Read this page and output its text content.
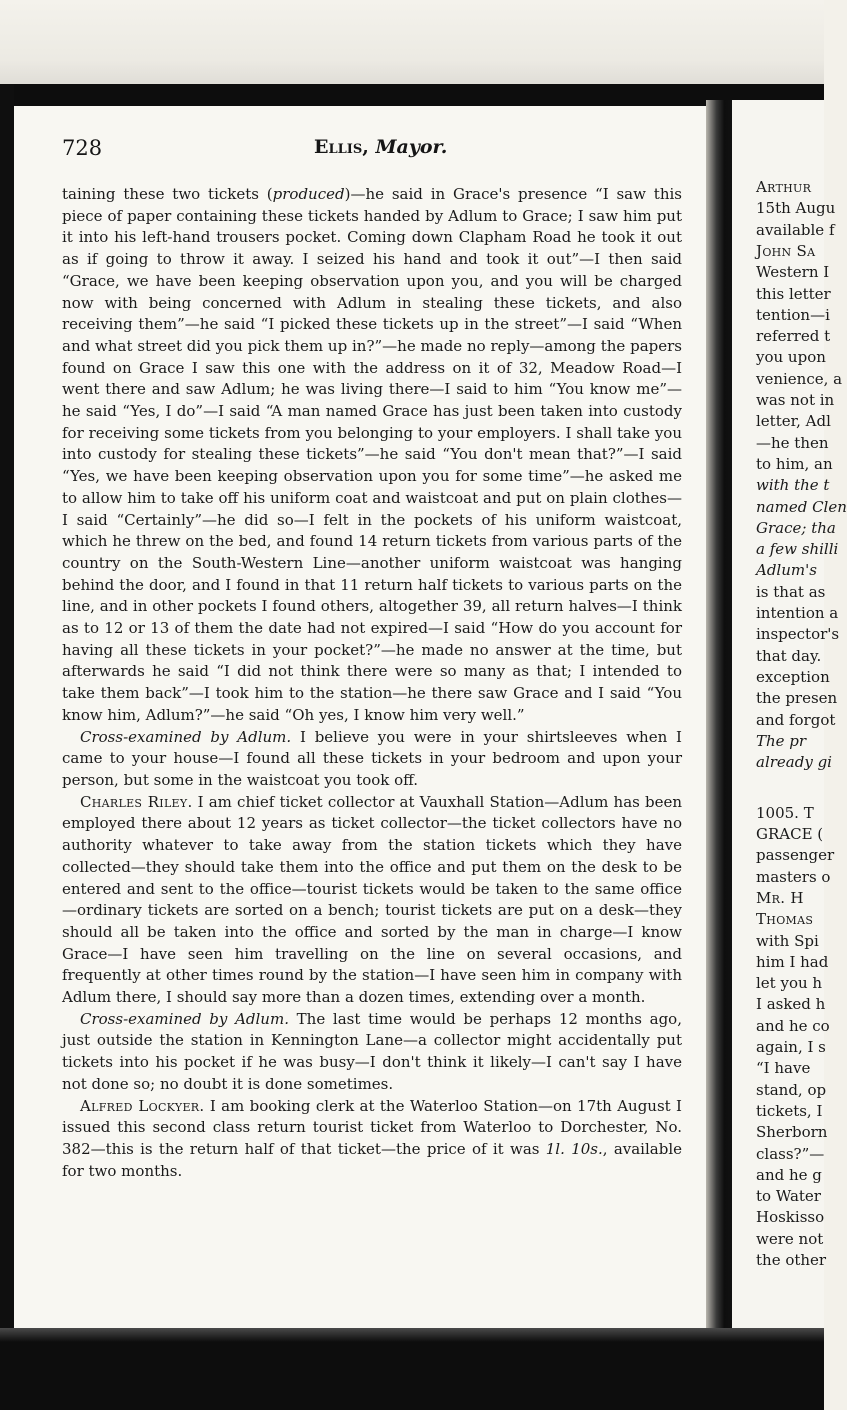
728	Ellis, Mayor.

taining these two tickets (produced)—he said in Grace's presence “I saw this piece of paper containing these tickets handed by Adlum to Grace; I saw him put it into his left-hand trousers pocket. Coming down Clapham Road he took it out as if going to throw it away. I seized his hand and took it out”—I then said “Grace, we have been keeping observation upon you, and you will be charged now with being concerned with Adlum in stealing these tickets, and also receiving them”—he said “I picked these tickets up in the street”—I said “When and what street did you pick them up in?”—he made no reply—among the papers found on Grace I saw this one with the address on it of 32, Meadow Road—I went there and saw Adlum; he was living there—I said to him “You know me”—he said “Yes, I do”—I said “A man named Grace has just been taken into custody for receiving some tickets from you belonging to your employers. I shall take you into custody for stealing these tickets”—he said “You don't mean that?”—I said “Yes, we have been keeping observation upon you for some time”—he asked me to allow him to take off his uniform coat and waistcoat and put on plain clothes—I said “Certainly”—he did so—I felt in the pockets of his uniform waistcoat, which he threw on the bed, and found 14 return tickets from various parts of the country on the South-Western Line—another uniform waistcoat was hanging behind the door, and I found in that 11 return half tickets to various parts on the line, and in other pockets I found others, altogether 39, all return halves—I think as to 12 or 13 of them the date had not expired—I said “How do you account for having all these tickets in your pocket?”—he made no answer at the time, but afterwards he said “I did not think there were so many as that; I intended to take them back”—I took him to the station—he there saw Grace and I said “You know him, Adlum?”—he said “Oh yes, I know him very well.”

Cross-examined by Adlum. I believe you were in your shirtsleeves when I came to your house—I found all these tickets in your bedroom and upon your person, but some in the waistcoat you took off.

Charles Riley. I am chief ticket collector at Vauxhall Station—Adlum has been employed there about 12 years as ticket collector—the ticket collectors have no authority whatever to take away from the station tickets which they have collected—they should take them into the office and put them on the desk to be entered and sent to the office—tourist tickets would be taken to the same office—ordinary tickets are sorted on a bench; tourist tickets are put on a desk—they should all be taken into the office and sorted by the man in charge—I know Grace—I have seen him travelling on the line on several occasions, and frequently at other times round by the station—I have seen him in company with Adlum there, I should say more than a dozen times, extending over a month.

Cross-examined by Adlum. The last time would be perhaps 12 months ago, just outside the station in Kennington Lane—a collector might accidentally put tickets into his pocket if he was busy—I don't think it likely—I can't say I have not done so; no doubt it is done sometimes.

Alfred Lockyer. I am booking clerk at the Waterloo Station—on 17th August I issued this second class return tourist ticket from Waterloo to Dorchester, No. 382—this is the return half of that ticket—the price of it was 1l. 10s., available for two months.

Arthur
15th Augu
available f
John Sa
Western I
this letter
tention—i
referred t
you upon
venience, a
was not in
letter, Adl
—he then
to him, an
with the t
named Clen
Grace; tha
a few shilli
Adlum's
is that as
intention a
inspector's
that day.
exception
the presen
and forgot
The pr
already gi
1005. T
GRACE (
passenger
masters o
Mr. H
Thomas
with Spi
him I had
let you h
I asked h
and he co
again, I s
“I have
stand, op
tickets, I
Sherborn
class?”—
and he g
to Water
Hoskisso
were not
the other
